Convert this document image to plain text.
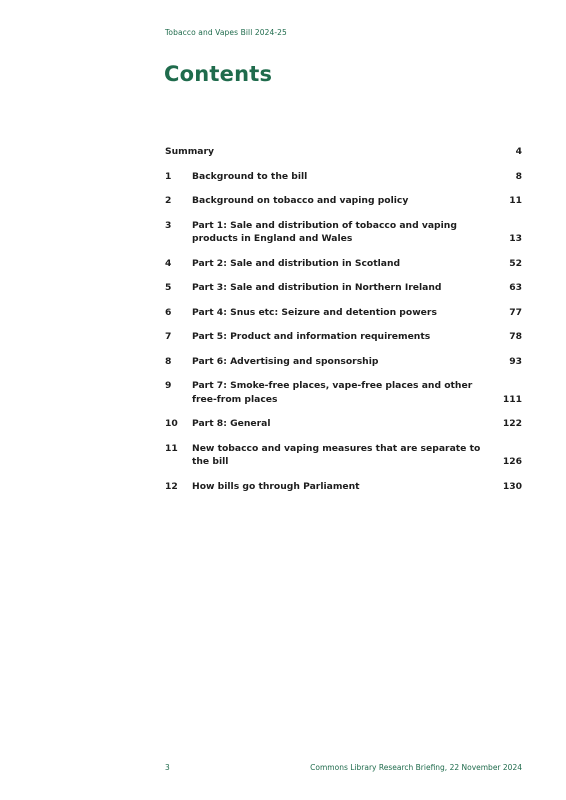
Tobacco and Vapes Bill 2024-25
Contents
Summary	4
1	Background to the bill	8
2	Background on tobacco and vaping policy	11
3	Part 1: Sale and distribution of tobacco and vaping products in England and Wales	13
4	Part 2: Sale and distribution in Scotland	52
5	Part 3: Sale and distribution in Northern Ireland	63
6	Part 4: Snus etc: Seizure and detention powers	77
7	Part 5: Product and information requirements	78
8	Part 6: Advertising and sponsorship	93
9	Part 7: Smoke-free places, vape-free places and other free-from places	111
10	Part 8: General	122
11	New tobacco and vaping measures that are separate to the bill	126
12	How bills go through Parliament	130
3	Commons Library Research Briefing, 22 November 2024
